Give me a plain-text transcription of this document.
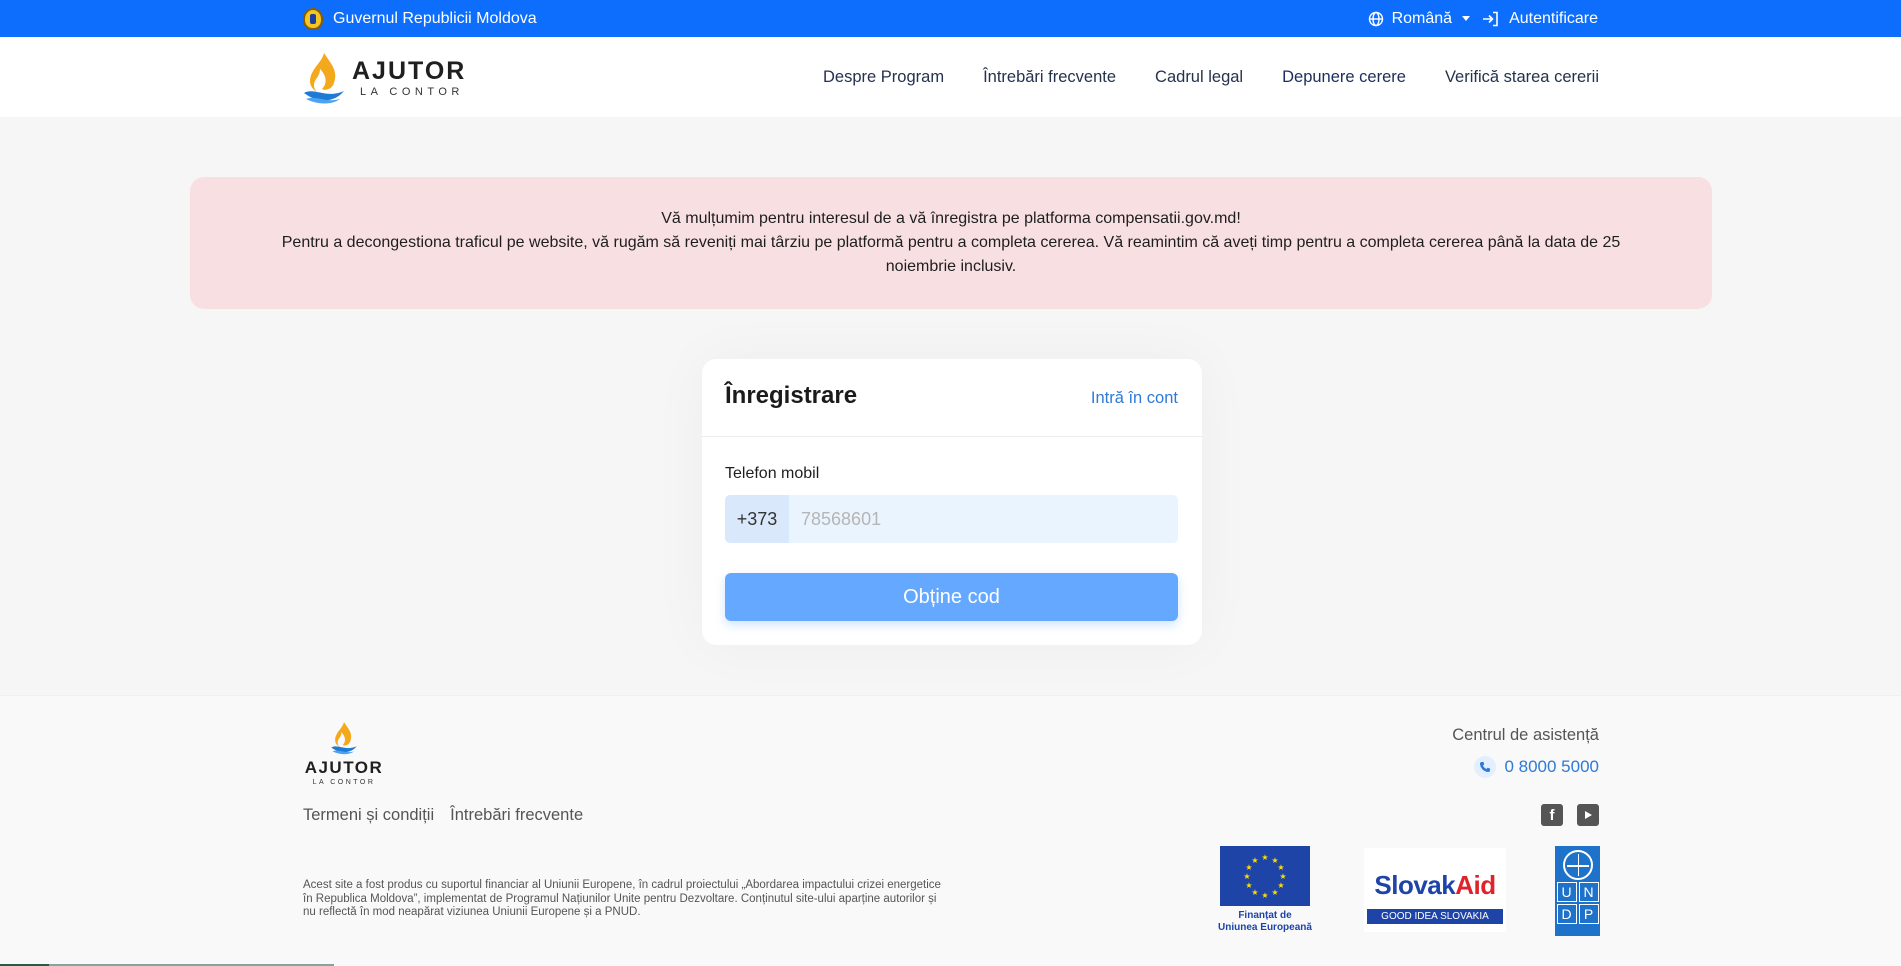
Guvernul Republicii Moldova	Română	Autentificare
AJUTOR
LA CONTOR
Despre Program Întrebări frecvente Cadrul legal Depunere cerere Verifică starea cererii
Vă mulțumim pentru interesul de a vă înregistra pe platforma compensatii.gov.md!
Pentru a decongestiona traficul pe website, vă rugăm să reveniți mai târziu pe platformă pentru a completa cererea. Vă reamintim că aveți timp pentru a completa cererea până la data de 25 noiembrie inclusiv.
Înregistrare	Intră în cont
Telefon mobil
+373
78568601
Obține cod
AJUTOR
LA CONTOR
Termeni și condiții Întrebări frecvente
Acest site a fost produs cu suportul financiar al Uniunii Europene, în cadrul proiectului „Abordarea impactului crizei energetice în Republica Moldova”, implementat de Programul Națiunilor Unite pentru Dezvoltare. Conținutul site-ului aparține autorilor și nu reflectă în mod neapărat viziunea Uniunii Europene și a PNUD.
Centrul de asistență
0 8000 5000
f
★ ★
★
★
★
★
★
★
★
★
★
★
Finanțat de
Uniunea Europeană
SlovakAid
GOOD IDEA SLOVAKIA
U N
D P
